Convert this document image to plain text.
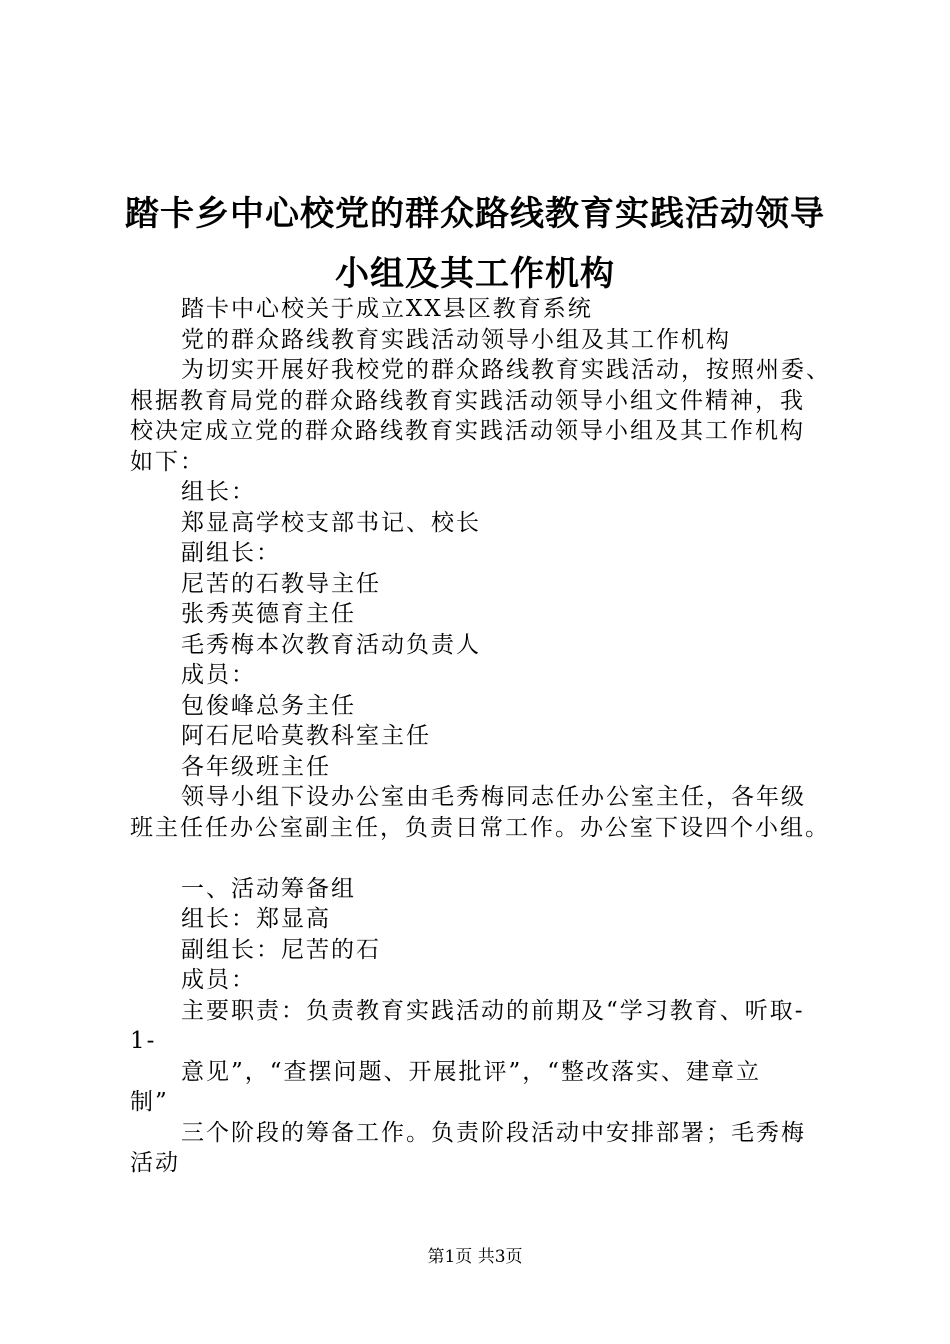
踏卡乡中心校党的群众路线教育实践活动领导
小组及其工作机构
踏卡中心校关于成立XX县区教育系统
党的群众路线教育实践活动领导小组及其工作机构
为切实开展好我校党的群众路线教育实践活动，按照州委、
根据教育局党的群众路线教育实践活动领导小组文件精神，我
校决定成立党的群众路线教育实践活动领导小组及其工作机构
如下：
组长：
郑显高学校支部书记、校长
副组长：
尼苦的石教导主任
张秀英德育主任
毛秀梅本次教育活动负责人
成员：
包俊峰总务主任
阿石尼哈莫教科室主任
各年级班主任
领导小组下设办公室由毛秀梅同志任办公室主任，各年级
班主任任办公室副主任，负责日常工作。办公室下设四个小组。
一、活动筹备组
组长：郑显高
副组长：尼苦的石
成员：
主要职责：负责教育实践活动的前期及“学习教育、听取-
1-
意见”，“查摆问题、开展批评”，“整改落实、建章立
制”
三个阶段的筹备工作。负责阶段活动中安排部署；毛秀梅
活动
第1页 共3页
